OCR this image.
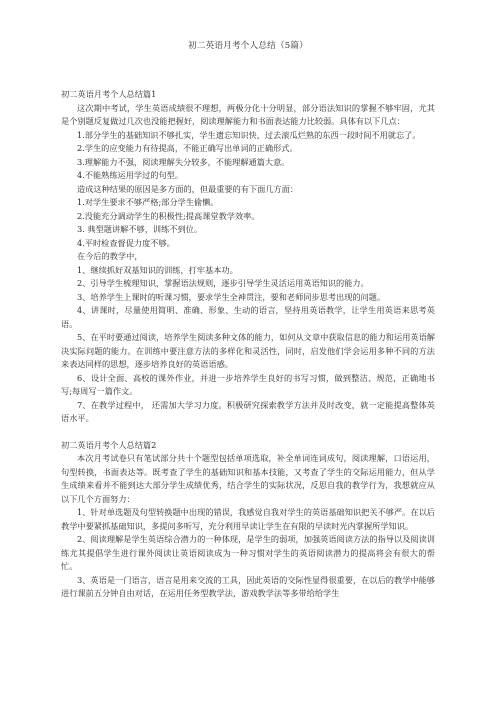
初二英语月考个人总结（5篇）

初二英语月考个人总结篇1

这次期中考试，学生英语成绩很不理想，两极分化十分明显，部分语法知识的掌握不够牢固，尤其是个别题反复做过几次也没能把握好，阅读理解能力和书面表达能力比较弱。具体有以下几点：

1.部分学生的基础知识不够扎实，学生遗忘知识快，过去滚瓜烂熟的东西一段时间不用就忘了。

2.学生的应变能力有待提高，不能正确写出单词的正确形式。

3.理解能力不强，阅读理解失分较多，不能理解通篇大意。

4.不能熟练运用学过的句型。

造成这种结果的原因是多方面的，但最重要的有下面几方面：

1.对学生要求不够严格;部分学生偷懒。

2.没能充分调动学生的积极性;提高课堂教学效率。

3. 典型题讲解不够，训练不到位。

4.平时检查督促力度不够。

在今后的教学中，

1、继续抓好双基知识的训练，打牢基本功。

2、引导学生梳理知识，掌握语法规则，逐步引导学生灵活运用英语知识的能力。

3、培养学生上课时的听课习惯，要求学生全神贯注，要和老师同步思考出现的问题。

4、讲课时，尽量使用简明、准确、形象、生动的语言，坚持用英语教学，让学生用英语来思考英语。

5、在平时要通过阅读，培养学生阅读多种文体的能力，如何从文章中获取信息的能力和运用英语解决实际问题的能力。在训练中要注意方法的多样化和灵活性，同时，启发他们学会运用多种不同的方法来表达同样的思想，逐步培养良好的英语语感。

6、设计全面、高校的课外作业，并进一步培养学生良好的书写习惯，做到整洁、规范，正确地书写;每周写一篇作文。

7、在教学过程中， 还需加大学习力度。积极研究探索教学方法并及时改变，就一定能提高整体英语水平。

初二英语月考个人总结篇2

本次月考试卷只有笔试部分共十个题型包括单项选取，补全单词连词成句，阅读理解，口语运用，句型转换，书面表达等。既考查了学生的基础知识和基本技能，又考查了学生的交际运用能力，但从学生成绩来看并不能到达大部分学生成绩优秀，结合学生的实际状况，反思自我的教学行为，我想就应从以下几个方面努力：

1、针对单选题及句型转换题中出现的错误，我感觉自我对学生的英语基础知识把关不够严。在以后教学中要紧抓基础知识，多提问多听写，充分利用早读让学生在有限的早读时光内掌握所学知识。

2、阅读理解是学生英语综合潜力的一种体现，是学生的弱项，加强英语阅读方法的指导以及阅读训练尤其提倡学生进行课外阅读让英语阅读成为一种习惯对学生的英语阅读潜力的提高将会有很大的帮忙。

3、英语是一门语言，语言是用来交流的工具，因此英语的交际性显得很重要，在以后的教学中能够进行课前五分钟自由对话，在运用任务型教学法，游戏教学法等多带给给学生
